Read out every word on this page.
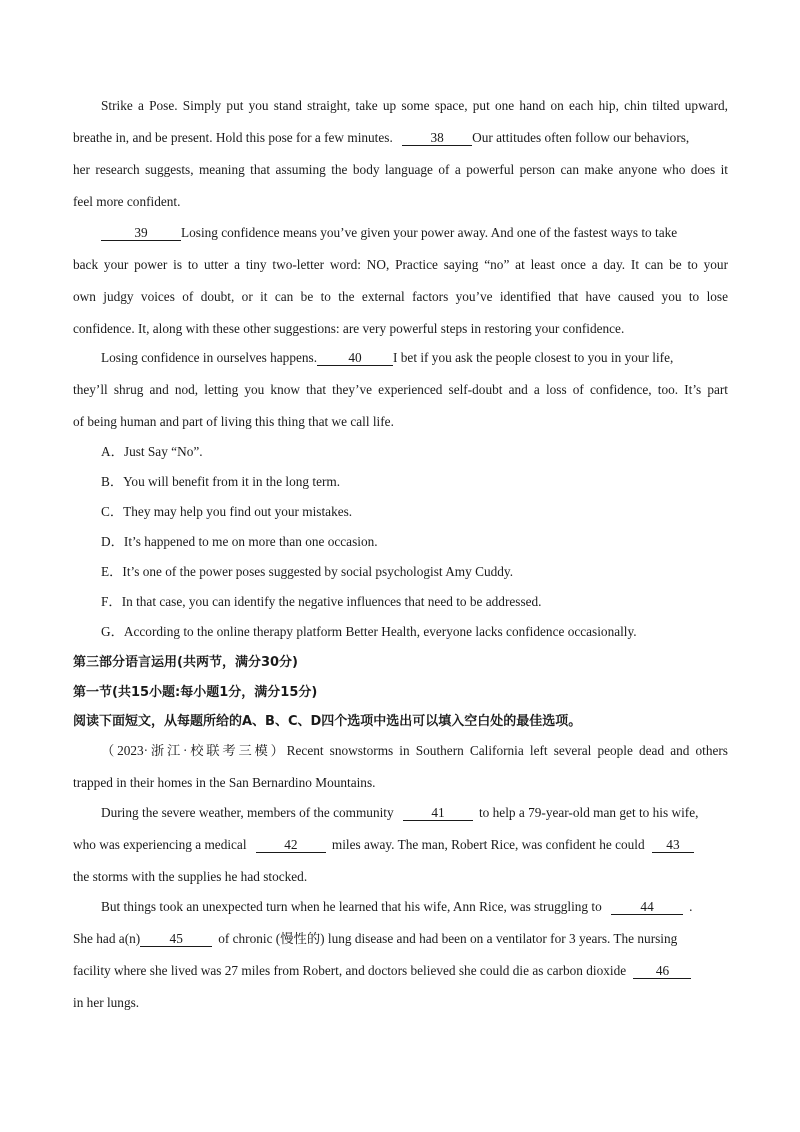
Strike a Pose. Simply put you stand straight, take up some space, put one hand on each hip, chin tilted upward,
breathe in, and be present. Hold this pose for a few minutes.	38 Our attitudes often follow our behaviors,
her research suggests, meaning that assuming the body language of a powerful person can make anyone who does it
feel more confident.
39	Losing confidence means you’ve given your power away. And one of the fastest ways to take
back your power is to utter a tiny two-letter word: NO, Practice saying “no” at least once a day. It can be to your
own judgy voices of doubt, or it can be to the external factors you’ve identified that have caused you to lose
confidence. It, along with these other suggestions: are very powerful steps in restoring your confidence.
Losing confidence in ourselves happens. 40 I bet if you ask the people closest to you in your life,
they’ll shrug and nod, letting you know that they’ve experienced self-doubt and a loss of confidence, too. It’s part
of being human and part of living this thing that we call life.
A．Just Say “No”.
B．You will benefit from it in the long term.
C．They may help you find out your mistakes.
D．It’s happened to me on more than one occasion.
E．It’s one of the power poses suggested by social psychologist Amy Cuddy.
F．In that case, you can identify the negative influences that need to be addressed.
G．According to the online therapy platform Better Health, everyone lacks confidence occasionally.
第三部分语言运用(共两节，满分30分)
第一节(共15小题:每小题1分，满分15分)
阅读下面短文，从每题所给的A、B、C、D四个选项中选出可以填入空白处的最佳选项。
（2023·浙江·校联考三模）Recent snowstorms in Southern California left several people dead and others
trapped in their homes in the San Bernardino Mountains.
During the severe weather, members of the community	41	to help a 79-year-old man get to his wife,
who was experiencing a medical	42	miles away. The man, Robert Rice, was confident he could 43
the storms with the supplies he had stocked.
But things took an unexpected turn when he learned that his wife, Ann Rice, was struggling to	44	.
She had a(n) 45	of chronic (慢性的) lung disease and had been on a ventilator for 3 years. The nursing
facility where she lived was 27 miles from Robert, and doctors believed she could die as carbon dioxide 46
in her lungs.
